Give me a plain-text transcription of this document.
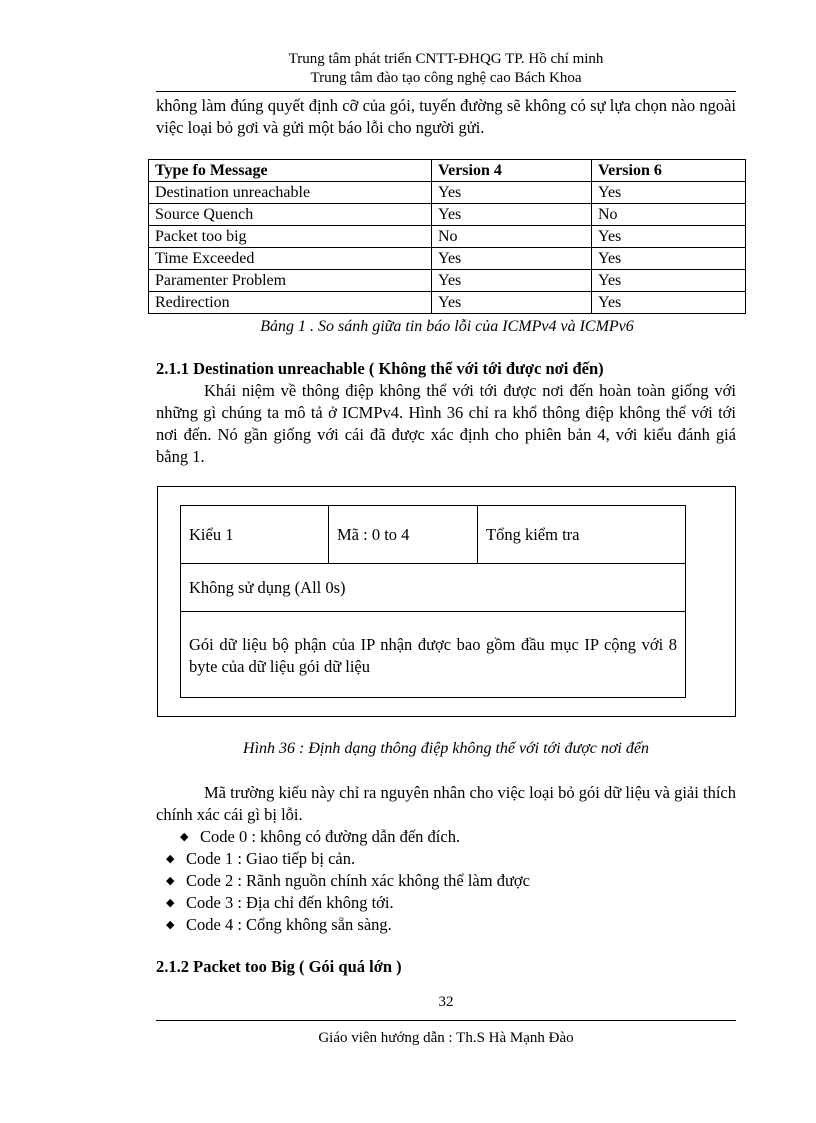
Trung tâm phát triển CNTT-ĐHQG TP. Hồ chí minh
Trung tâm đào tạo công nghệ cao Bách Khoa
không làm đúng quyết định cỡ của gói, tuyến đường sẽ không có sự lựa chọn nào ngoài việc loại bỏ gơi và gửi một báo lỗi cho người gửi.
Type fo Message	Version 4	Version 6
Destination unreachable	Yes	Yes
Source Quench	Yes	No
Packet too big	No	Yes
Time Exceeded	Yes	Yes
Paramenter Problem	Yes	Yes
Redirection	Yes	Yes
Bảng 1 . So sánh giữa tin báo lỗi của ICMPv4 và ICMPv6
2.1.1 Destination unreachable ( Không thể với tới được nơi đến)
Khái niệm về thông điệp không thể với tới được nơi đến hoàn toàn giống với những gì chúng ta mô tả ở ICMPv4. Hình 36 chỉ ra khổ thông điệp không thể với tới nơi đến. Nó gần giống với cái đã được xác định cho phiên bản 4, với kiểu đánh giá bằng 1.
Kiểu 1	Mã : 0 to 4	Tổng kiểm tra
Không sử dụng (All 0s)
Gói dữ liệu bộ phận của IP nhận được bao gồm đầu mục IP cộng với 8 byte của dữ liệu gói dữ liệu
Hình 36 : Định dạng thông điệp không thể với tới được nơi đến
Mã trường kiểu này chỉ ra nguyên nhân cho việc loại bỏ gói dữ liệu và giải thích chính xác cái gì bị lỗi.
◆ Code 0 : không có đường dẫn đến đích.
◆ Code 1 : Giao tiếp bị cản.
◆ Code 2 : Rãnh nguồn chính xác không thể làm được
◆ Code 3 : Địa chỉ đến không tới.
◆ Code 4 : Cổng không sẵn sàng.
2.1.2 Packet too Big ( Gói quá lớn )
32
Giáo viên hướng dẫn : Th.S Hà Mạnh Đào
